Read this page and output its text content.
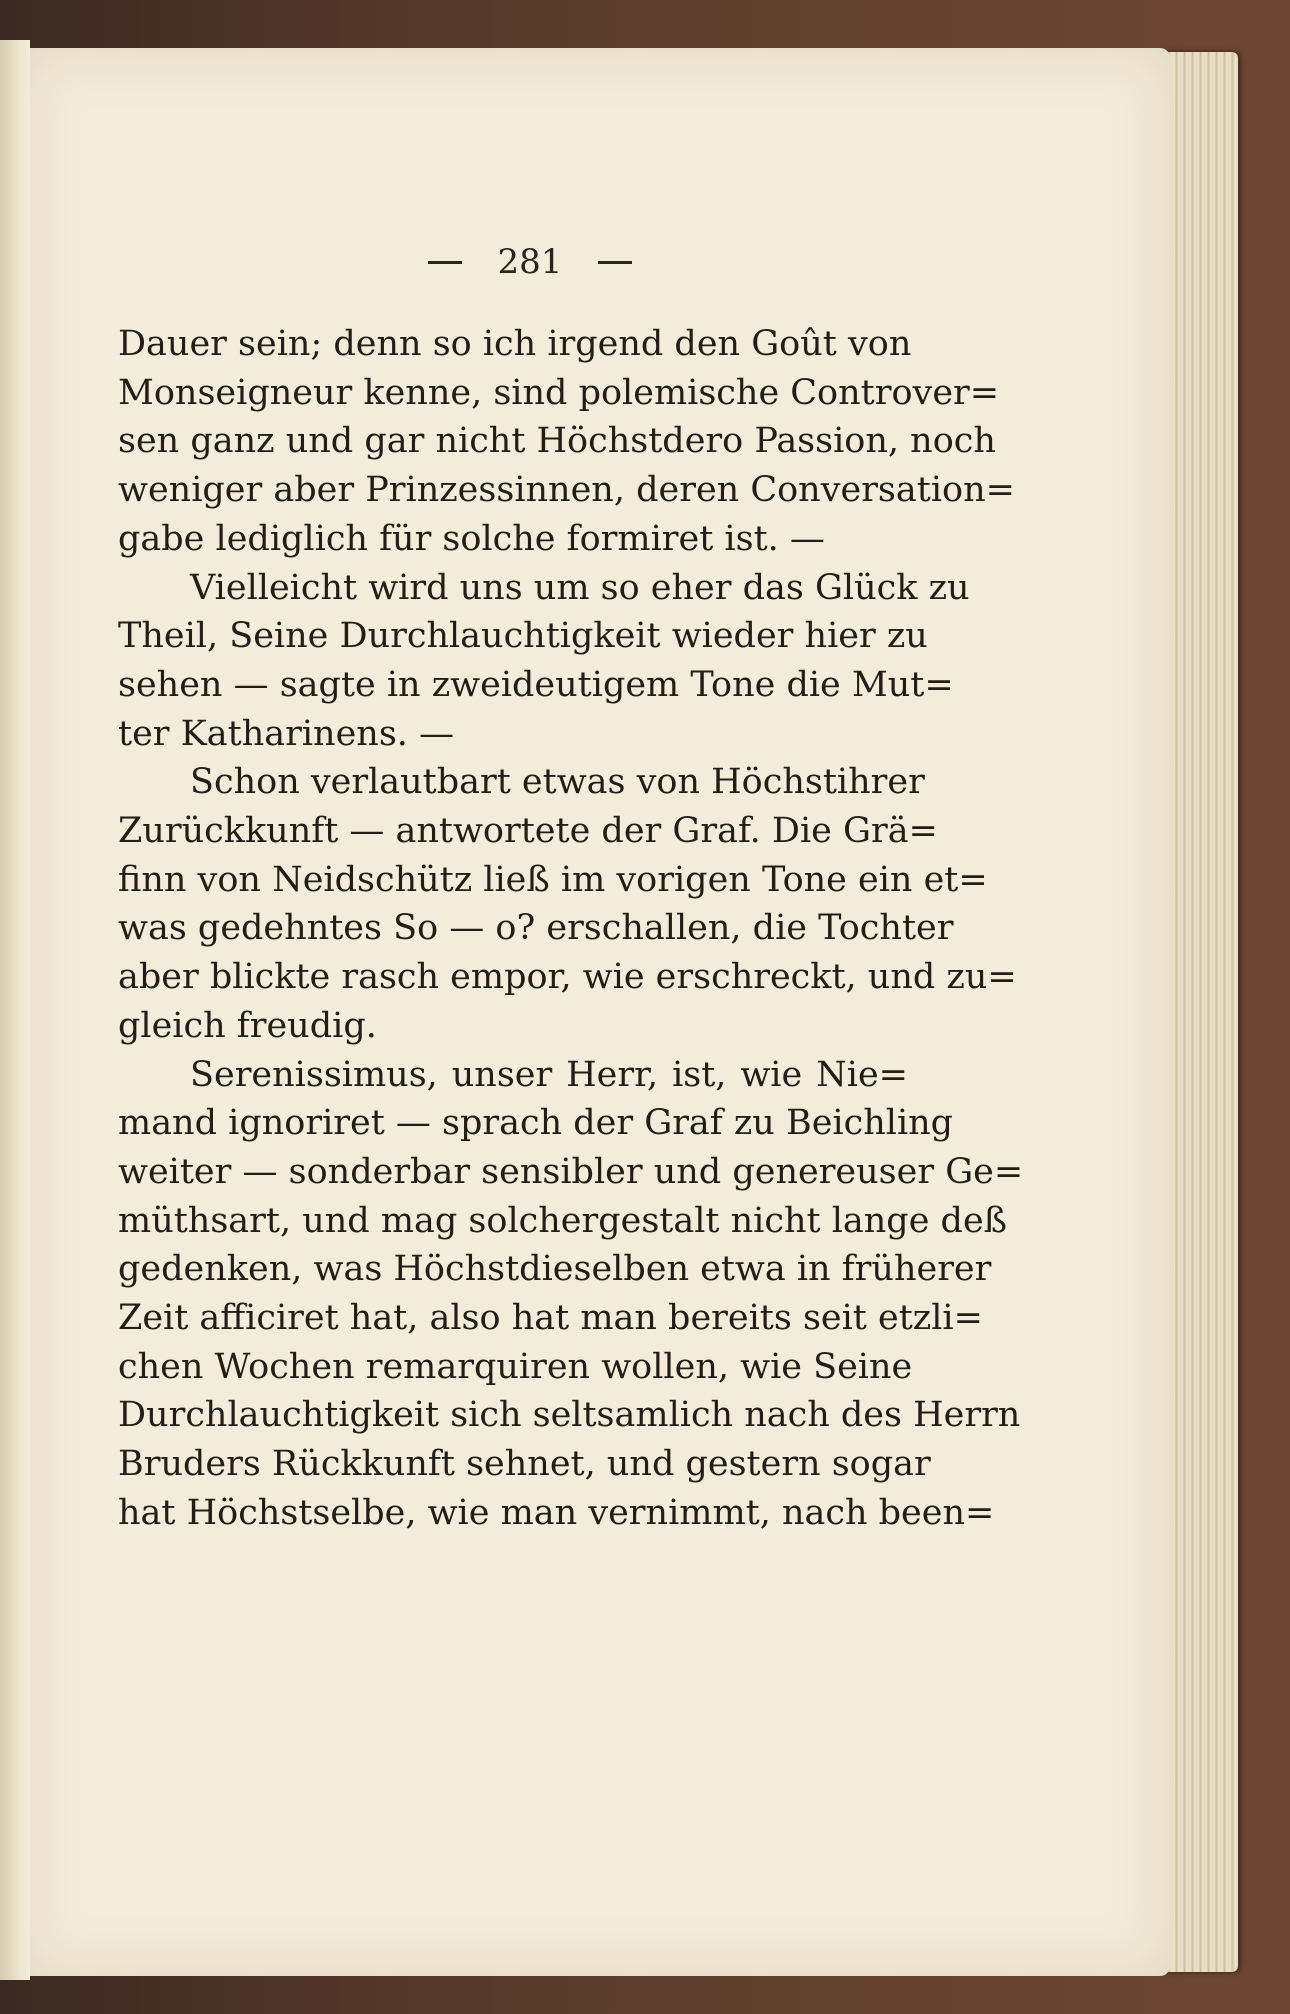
281
Dauer sein; denn so ich irgend den Goût von
Monseigneur kenne, sind polemische Controver=
sen ganz und gar nicht Höchstdero Passion, noch
weniger aber Prinzessinnen, deren Conversation=
gabe lediglich für solche formiret ist. —
Vielleicht wird uns um so eher das Glück zu
Theil, Seine Durchlauchtigkeit wieder hier zu
sehen — sagte in zweideutigem Tone die Mut=
ter Katharinens. —
Schon verlautbart etwas von Höchstihrer
Zurückkunft — antwortete der Graf. Die Grä=
finn von Neidschütz ließ im vorigen Tone ein et=
was gedehntes So — o? erschallen, die Tochter
aber blickte rasch empor, wie erschreckt, und zu=
gleich freudig.
Serenissimus, unser Herr, ist, wie Nie=
mand ignoriret — sprach der Graf zu Beichling
weiter — sonderbar sensibler und genereuser Ge=
müthsart, und mag solchergestalt nicht lange deß
gedenken, was Höchstdieselben etwa in früherer
Zeit afficiret hat, also hat man bereits seit etzli=
chen Wochen remarquiren wollen, wie Seine
Durchlauchtigkeit sich seltsamlich nach des Herrn
Bruders Rückkunft sehnet, und gestern sogar
hat Höchstselbe, wie man vernimmt, nach been=
